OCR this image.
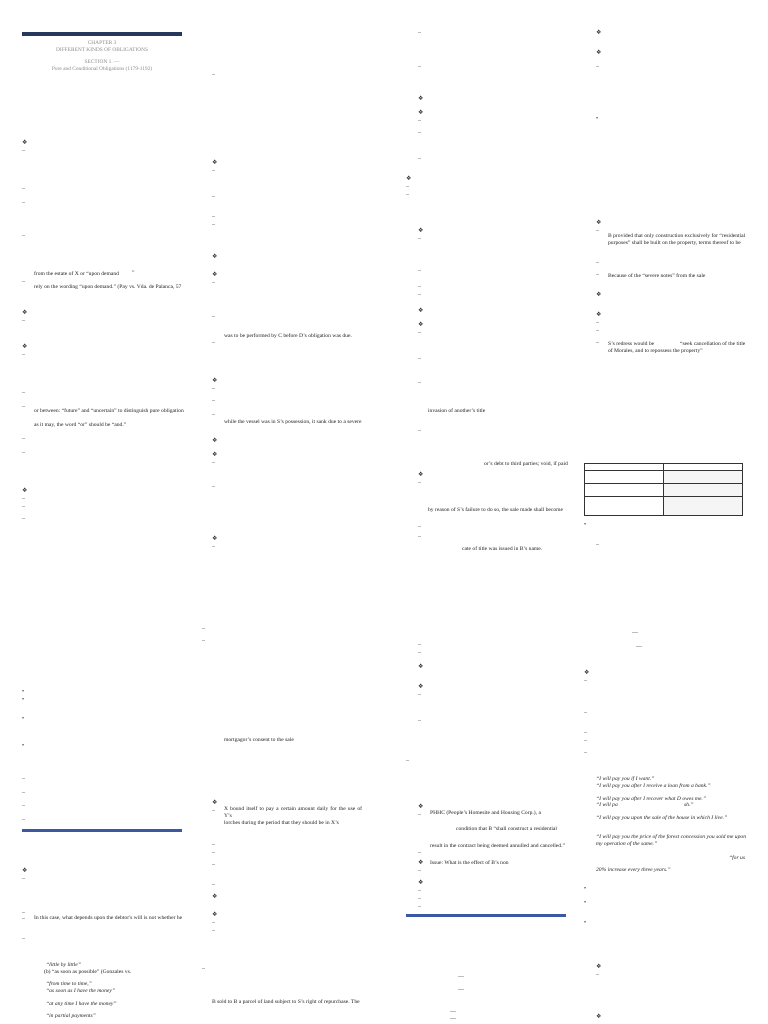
CHAPTER 3
DIFFERENT KINDS OF OBLIGATIONS
SECTION 1. —
Pure and Conditional Obligations (1179-1192)
❖
–
–
–
–
from the estate of X or “upon demand ”
–
rely on the wording “upon demand.” (Pay vs. Vda. de Palanca, 57
❖
–
❖
–
–
–
or between: “future” and “uncertain” to distinguish pure obligation
as it may, the word “or” should be “and.”
–
–
❖
–
–
–
•
•
•
•
–
–
–
–
❖
–
–
– In this case, what depends upon the debtor's will is not whether he
–
“little by little”
(b) “as soon as possible” (Gonzales vs.
“from time to time,”
“as soon as I have the money”
“at any time I have the money”
“in partial payments”
–
❖
–
–
–
–
❖
❖
–
–
was to be performed by C before D’s obligation was due.
–
❖
–
–
–
while the vessel was in S’s possession, it sank due to a severe
❖
❖
–
–
❖
–
–
–
mortgagor’s consent to the sale
❖
– X bound itself to pay a certain amount daily for the use of Y’s
lorches during the period that they should be in X’s
–
–
–
–
❖
❖
–
–
–
B sold to B a parcel of land subject to S’s right of repurchase. The
–
–
❖
❖
–
–
–
❖
–
–
❖
–
–
–
–
❖
❖
–
–
–
invasion of another’s title
–
or’s debt to third parties; void, if paid
❖
–
by reason of S’s failure to do so, the sale made shall become
–
–
cate of title was issued in B’s name.
–
–
❖
❖
–
–
–
❖
– PHHC (People’s Homesite and Housing Corp.), a
condition that B “shall construct a residential
result in the contract being deemed annulled and cancelled.”
–
❖ Issue: What is the effect of B’s non
–
❖
–
–
–
—
—
—
—
❖
❖
–
•
❖
–
B provided that only construction exclusively for “residential
purposes” shall be built on the property, terms thereof to be
–
– Because of the “severe notes” from the sale
❖
❖
–
–
– S’s redress would be	“seek cancellation of the title
of Morales, and to repossess the property”

•
–
—
—
❖
–
–
–
–
–
“I will pay you if I want.”
“I will pay you after I receive a loan from a bank.”
“I will pay you after I recover what D owes me.”
“I will pa	sh.”
“I will pay you upon the sale of the house in which I live.”
“I will pay you the price of the forest concession you sold me upon my operation of the same.”
“for us
20% increase every three years.”
•
•
•
❖
–
❖
